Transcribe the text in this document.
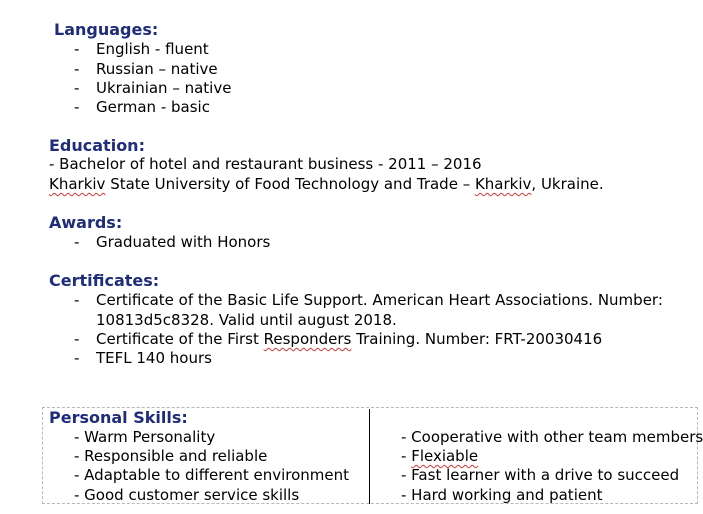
Languages:
- English - fluent
- Russian – native
- Ukrainian – native
- German - basic
Education:
- Bachelor of hotel and restaurant business - 2011 – 2016
Kharkiv State University of Food Technology and Trade – Kharkiv, Ukraine.
Awards:
- Graduated with Honors
Certificates:
- Certificate of the Basic Life Support. American Heart Associations. Number:
10813d5c8328. Valid until august 2018.
- Certificate of the First Responders Training. Number: FRT-20030416
- TEFL 140 hours
Personal Skills:
- Warm Personality
- Responsible and reliable
- Adaptable to different environment
- Good customer service skills
- Cooperative with other team members
- Flexiable
- Fast learner with a drive to succeed
- Hard working and patient
